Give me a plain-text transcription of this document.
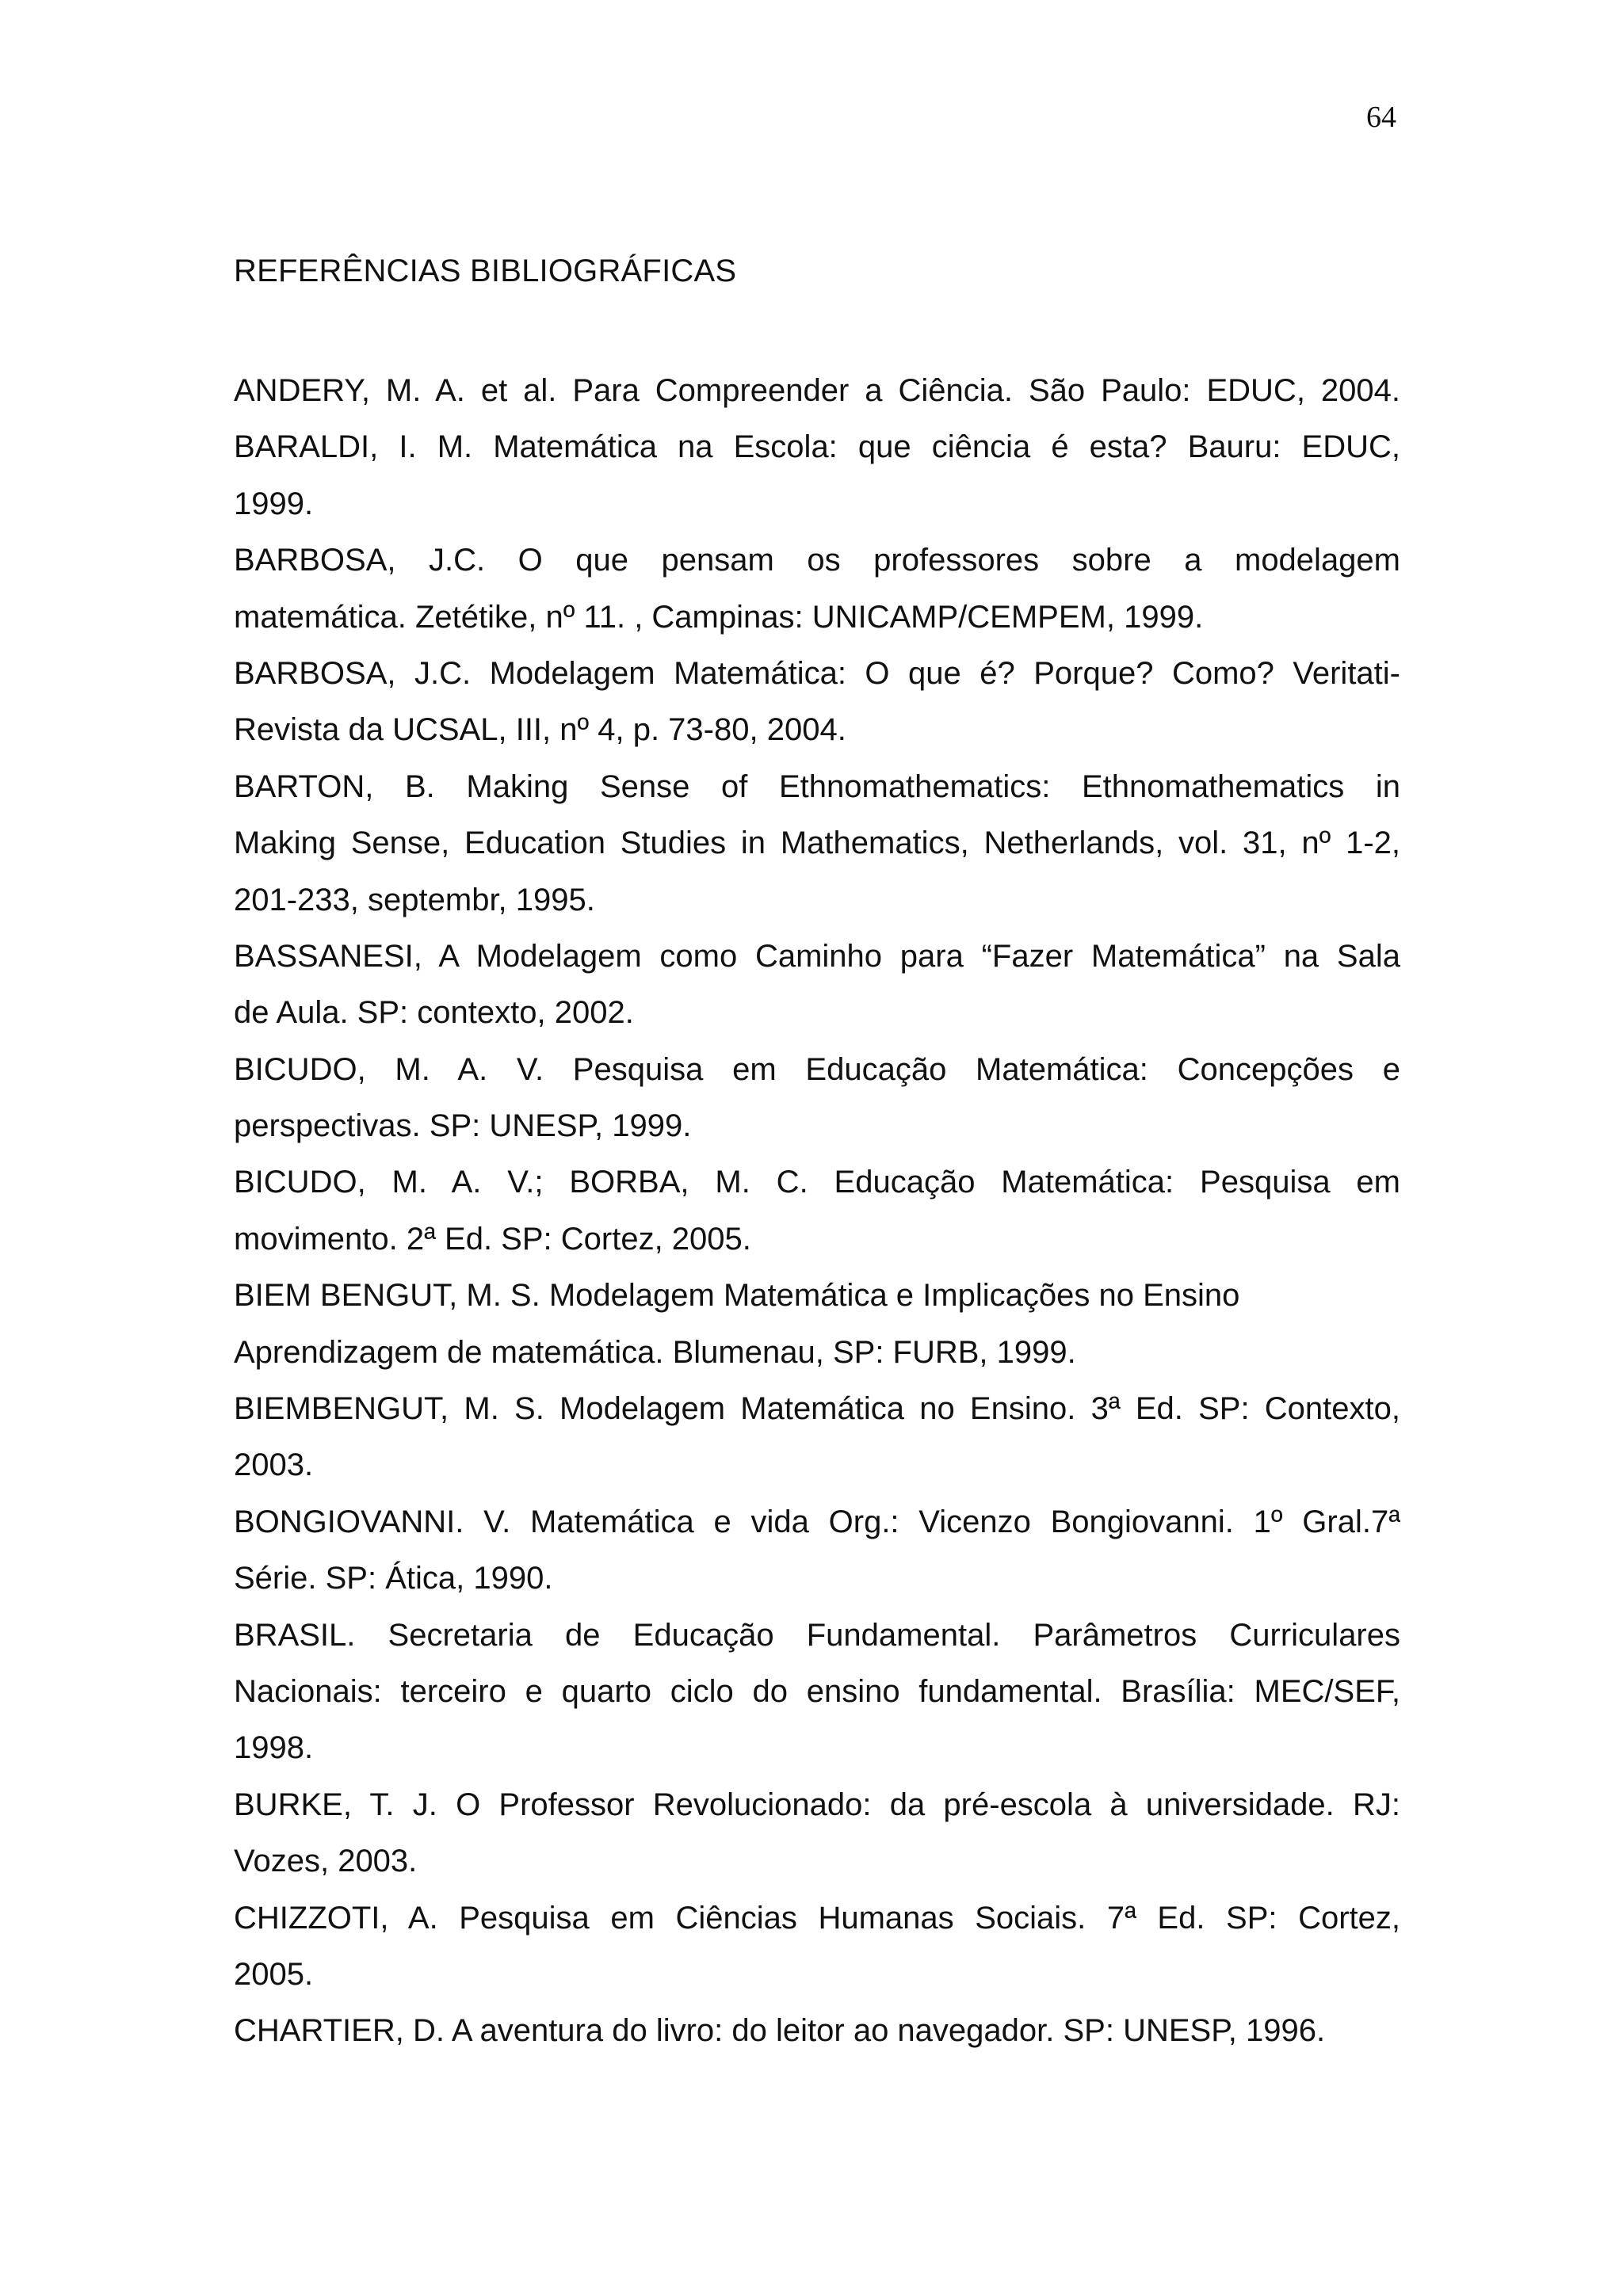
64
REFERÊNCIAS BIBLIOGRÁFICAS
ANDERY, M. A. et al. Para Compreender a Ciência. São Paulo: EDUC, 2004.
BARALDI, I. M. Matemática na Escola: que ciência é esta? Bauru: EDUC,
1999.
BARBOSA, J.C. O que pensam os professores sobre a modelagem
matemática. Zetétike, nº 11. , Campinas: UNICAMP/CEMPEM, 1999.
BARBOSA, J.C. Modelagem Matemática: O que é? Porque? Como? Veritati-
Revista da UCSAL, III, nº 4, p. 73-80, 2004.
BARTON, B. Making Sense of Ethnomathematics: Ethnomathematics in
Making Sense, Education Studies in Mathematics, Netherlands, vol. 31, nº 1-2,
201-233, septembr, 1995.
BASSANESI, A Modelagem como Caminho para “Fazer Matemática” na Sala
de Aula. SP: contexto, 2002.
BICUDO, M. A. V. Pesquisa em Educação Matemática: Concepções e
perspectivas. SP: UNESP, 1999.
BICUDO, M. A. V.; BORBA, M. C. Educação Matemática: Pesquisa em
movimento. 2ª Ed. SP: Cortez, 2005.
BIEM BENGUT, M. S. Modelagem Matemática e Implicações no Ensino
Aprendizagem de matemática. Blumenau, SP: FURB, 1999.
BIEMBENGUT, M. S. Modelagem Matemática no Ensino. 3ª Ed. SP: Contexto,
2003.
BONGIOVANNI. V. Matemática e vida Org.: Vicenzo Bongiovanni. 1º Gral.7ª
Série. SP: Ática, 1990.
BRASIL. Secretaria de Educação Fundamental. Parâmetros Curriculares
Nacionais: terceiro e quarto ciclo do ensino fundamental. Brasília: MEC/SEF,
1998.
BURKE, T. J. O Professor Revolucionado: da pré-escola à universidade. RJ:
Vozes, 2003.
CHIZZOTI, A. Pesquisa em Ciências Humanas Sociais. 7ª Ed. SP: Cortez,
2005.
CHARTIER, D. A aventura do livro: do leitor ao navegador. SP: UNESP, 1996.
